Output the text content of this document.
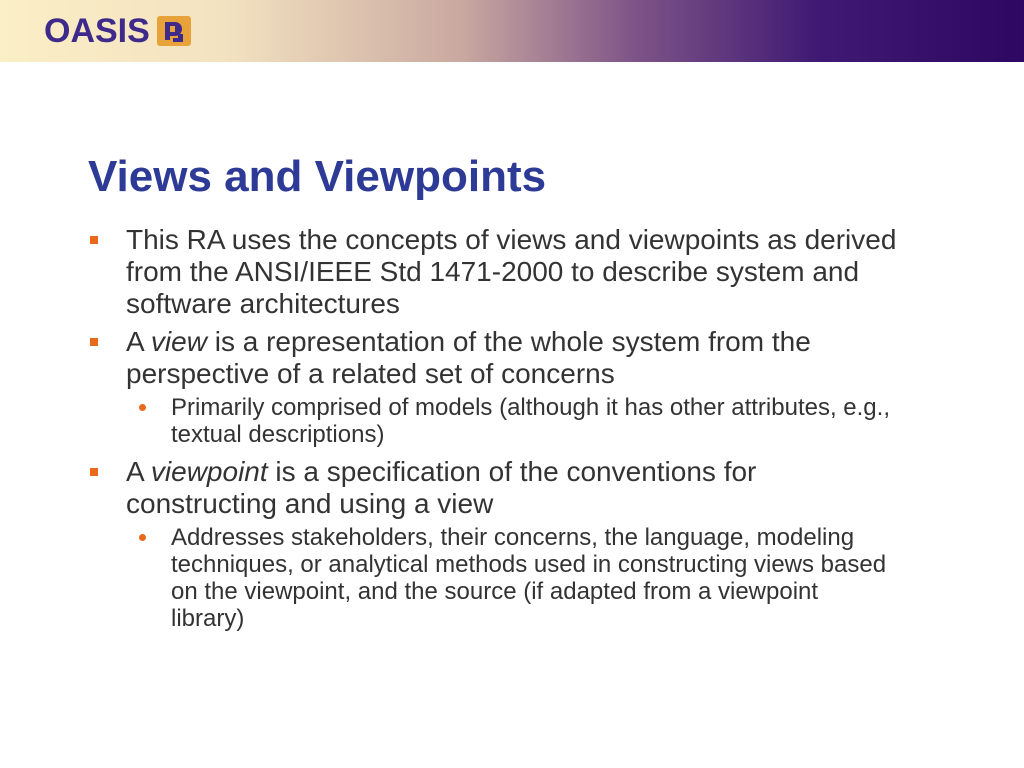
OASIS
Views and Viewpoints
This RA uses the concepts of views and viewpoints as derived from the ANSI/IEEE Std 1471-2000 to describe system and software architectures
A view is a representation of the whole system from the perspective of a related set of concerns
Primarily comprised of models (although it has other attributes, e.g., textual descriptions)
A viewpoint is a specification of the conventions for constructing and using a view
Addresses stakeholders, their concerns, the language, modeling techniques, or analytical methods used in constructing views based on the viewpoint, and the source (if adapted from a viewpoint library)
